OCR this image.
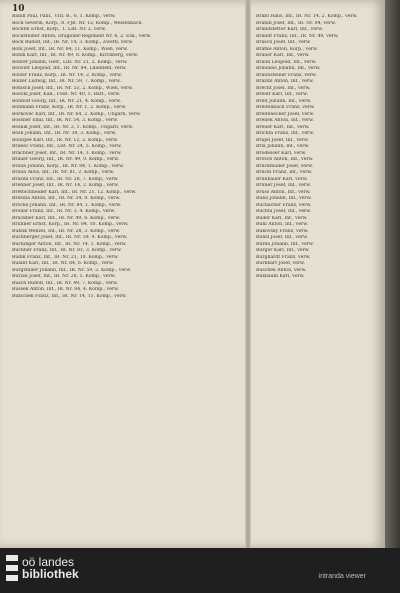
10
Bandl Paul, Pabl., VIII. B., 6, 1. Komp., verw.
Bock Severin, Korp., 8. FJB. Nr. 12, Komp., Weisenbach,
Bocktel Ernst, Korp., 1. LIR. Nr. 2, verw.
Bocksteiner Anton, Dragoner-Regiment Nr. 4, 2. Esk., verw.
Bock Rudolf, Inf., IR. Nr. 14, 3. Komp., Zwettl, verw.
Bohl Josef, Inf., IR. Nr. 84, 11. Komp., Wien, verw.
Böhm Karl, Inf., IR. Nr. 49, 8. Komp., Kirchberg, verw.
Bohrer Johann, Gefr., LIR. Nr. 21, 2. Komp., verw.
Bouvier Leopold, Inf., IR. Nr. 84, Lilienfeld, verw.
Bolzer Franz, Korp., IR. Nr. 14, 2. Komp., verw.
Bolzer Ludwig, Inf., IR. Nr. 59, 7. Komp., verw.
Bönisch Josef, Inf., IR. Nr. 53, 2. Komp., Wien, verw.
Boeckl Josef, Kan., FHR. Nr. 40, 5. Batt., verw.
Bonhoff Georg, Inf., IR. Nr. 21, 4. Komp., verw.
Bonmann Franz, Korp., IR. Nr. 1, 2. Komp., verw.
Borkovec Karl, Inf., IR. Nr. 64, 2. Komp., Ungarn, verw.
Bossner Emil, Inf., IR. Nr. 54, 3. Komp., verw.
Bosnik Josef, Inf., IR. Nr. 2, 1. Komp., Ungarn, verw.
Bosh Johann, Inf., IR. Nr. 39, 3. Komp., verw.
Bourgee Karl, Inf., IR. Nr. 12, 2. Komp., verw.
Brabec Franz, Inf., LIR. Nr. 24, 5. Komp., verw.
Brachner Josef, Inf., IR. Nr. 14, 3. Komp., verw.
Bräuer Georg, Inf., IR. Nr. 49, 9. Komp., verw.
Braun Johann, Korp., IR. Nr. 84, 1. Komp., verw.
Braun Alois, Inf., IR. Nr. 81, 2. Komp., verw.
Brazda Franz, Inf., IR. Nr. 28, 7. Komp., verw.
Brenner Josef, Inf., IR. Nr. 14, 2. Komp., verw.
Brettschneider Karl, Inf., IR. Nr. 21, 12. Komp., verw.
Brezina Anton, Inf., IR. Nr. 54, 9. Komp., verw.
Brocke Johann, Inf., IR. Nr. 84, 1. Komp., verw.
Brodar Franz, Inf., IR. Nr. 3, 4. Komp., verw.
Bruckner Karl, Inf., IR. Nr. 49, 8. Komp., verw.
Brunner Ernst, Korp., IR. Nr. 84, 10. Komp., verw.
Bublik Wenzel, Inf., IR. Nr. 28, 3. Komp., verw.
Buchberger Josef, Inf., IR. Nr. 59, 4. Komp., verw.
Buchinger Anton, Inf., IR. Nr. 14, 1. Komp., verw.
Buchner Franz, Inf., IR. Nr. 81, 3. Komp., verw.
Budik Franz, Inf., IR. Nr. 21, 10. Komp., verw.
Bulant Karl, Inf., IR. Nr. 84, 6. Komp., verw.
Burgstaller Johann, Inf., IR. Nr. 59, 2. Komp., verw.
Burian Josef, Inf., IR. Nr. 28, 5. Komp., verw.
Busch Rudolf, Inf., IR. Nr. 49, 7. Komp., verw.
Bussek Anton, Inf., IR. Nr. 84, 4. Komp., verw.
Butschek Franz, Inf., IR. Nr. 14, 11. Komp., verw.
Bräßl Hans, Inf., IR. Nr. 14, 2. Komp., verw.
Brandl Josef, Inf., IR. Nr. 84, verw.
Brandstetter Karl, Inf., verw.
Brandt Franz, Inf., IR. Nr. 49, verw.
Brasch Josef, Inf., verw.
Bratke Anton, Korp., verw.
Brauer Karl, Inf., verw.
Braun Leopold, Inf., verw.
Brauneis Johann, Inf., verw.
Braunsteiner Franz, verw.
Brazdil Anton, Inf., verw.
Brecht Josef, Inf., verw.
Breier Karl, Inf., verw.
Breit Johann, Inf., verw.
Breitenbach Franz, verw.
Breitenecker Josef, verw.
Brenek Anton, Inf., verw.
Breuer Karl, Inf., verw.
Brichta Franz, Inf., verw.
Brigel Josef, Inf., verw.
Brix Johann, Inf., verw.
Brodesser Karl, verw.
Brosch Anton, Inf., verw.
Bruckmüller Josef, verw.
Brückl Franz, Inf., verw.
Brunbauer Karl, verw.
Bruner Josef, Inf., verw.
Bruss Anton, Inf., verw.
Buba Johann, Inf., verw.
Buchacher Franz, verw.
Buchta Josef, Inf., verw.
Buder Karl, Inf., verw.
Buhl Anton, Inf., verw.
Bukovsky Franz, verw.
Bunzl Josef, Inf., verw.
Burda Johann, Inf., verw.
Burger Karl, Inf., verw.
Burghardt Franz, verw.
Burkhart Josef, verw.
Buschek Anton, verw.
Buxbaum Karl, verw.
oö landes
bibliothek	intranda viewer
